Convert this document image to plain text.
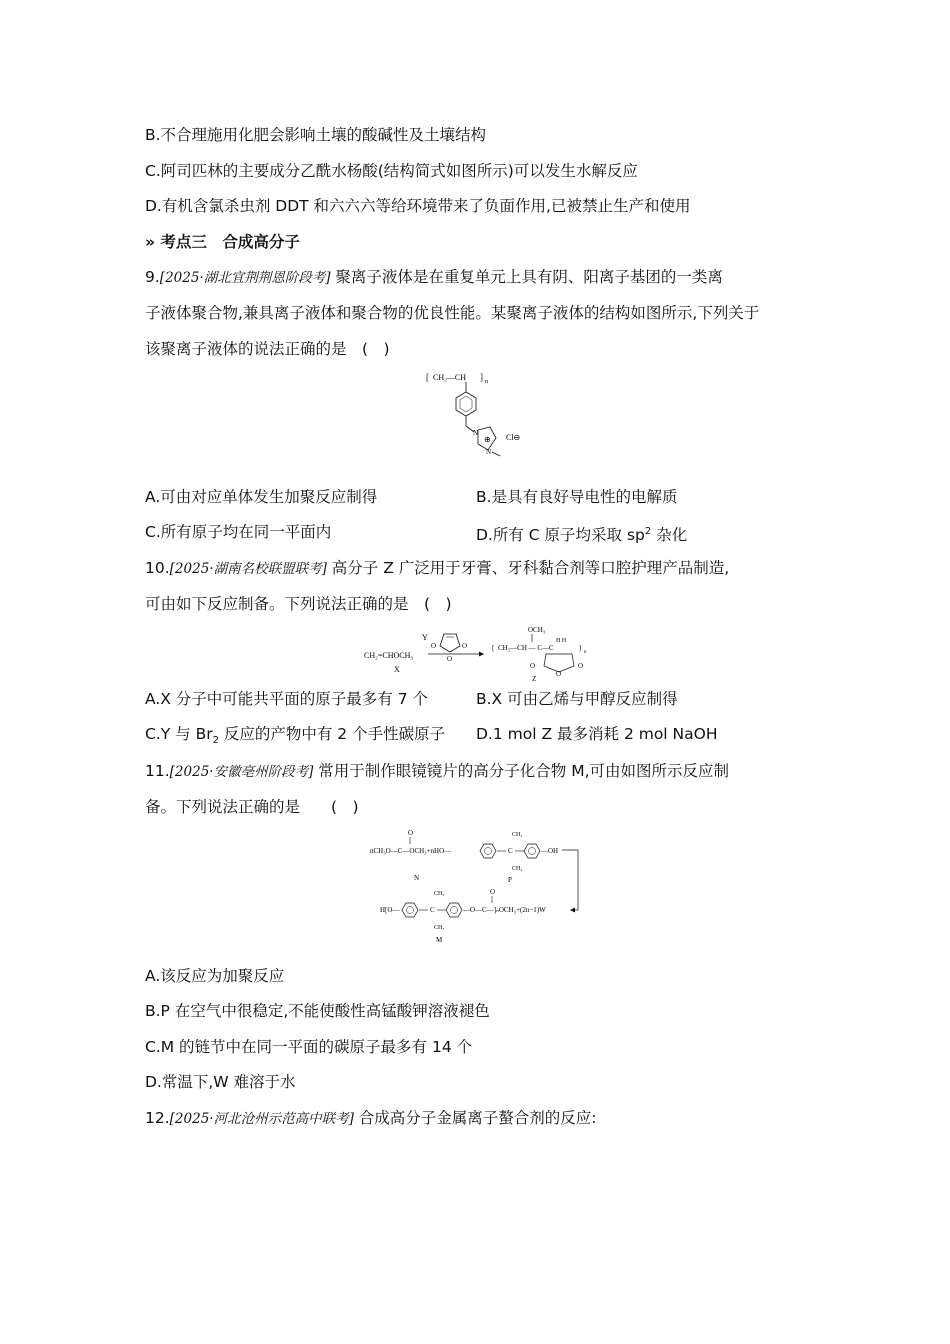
B.不合理施用化肥会影响土壤的酸碱性及土壤结构
C.阿司匹林的主要成分乙酰水杨酸(结构简式如图所示)可以发生水解反应
D.有机含氯杀虫剂 DDT 和六六六等给环境带来了负面作用,已被禁止生产和使用
» 考点三　合成高分子
9.[2025·湖北宜荆荆恩阶段考] 聚离子液体是在重复单元上具有阴、阳离子基团的一类离
子液体聚合物,兼具离子液体和聚合物的优良性能。某聚离子液体的结构如图所示,下列关于
该聚离子液体的说法正确的是　(　)
[ CH₂—CH ] n
N
⊕
N
Cl⊖
A.可由对应单体发生加聚反应制得	B.是具有良好导电性的电解质
C.所有原子均在同一平面内	D.所有 C 原子均采取 $sp^2$ 杂化
10.[2025·湖南名校联盟联考] 高分子 Z 广泛用于牙膏、牙科黏合剂等口腔护理产品制造,
可由如下反应制备。下列说法正确的是　(　)
CH₂=CHOCH₃
X
Y
O
O
O
OCH₃
[ CH₂—CH — C—C
H H
]
n
O
O
O
Z
A.X 分子中可能共平面的原子最多有 7 个	B.X 可由乙烯与甲醇反应制得
C.Y 与 $Br_2$ 反应的产物中有 2 个手性碳原子 D.1 mol Z 最多消耗 2 mol NaOH
11.[2025·安徽亳州阶段考] 常用于制作眼镜镜片的高分子化合物 M,可由如图所示反应制
备。下列说法正确的是　　(　)
O
nCH₃O—C—OCH₃+nHO—
CH₃
C
CH₃
—OH
N	P
H[O—
CH₃
C
CH₃
O
—O—C—]ₙOCH₃+(2n−1)W
M
A.该反应为加聚反应
B.P 在空气中很稳定,不能使酸性高锰酸钾溶液褪色
C.M 的链节中在同一平面的碳原子最多有 14 个
D.常温下,W 难溶于水
12.[2025·河北沧州示范高中联考] 合成高分子金属离子螯合剂的反应:
